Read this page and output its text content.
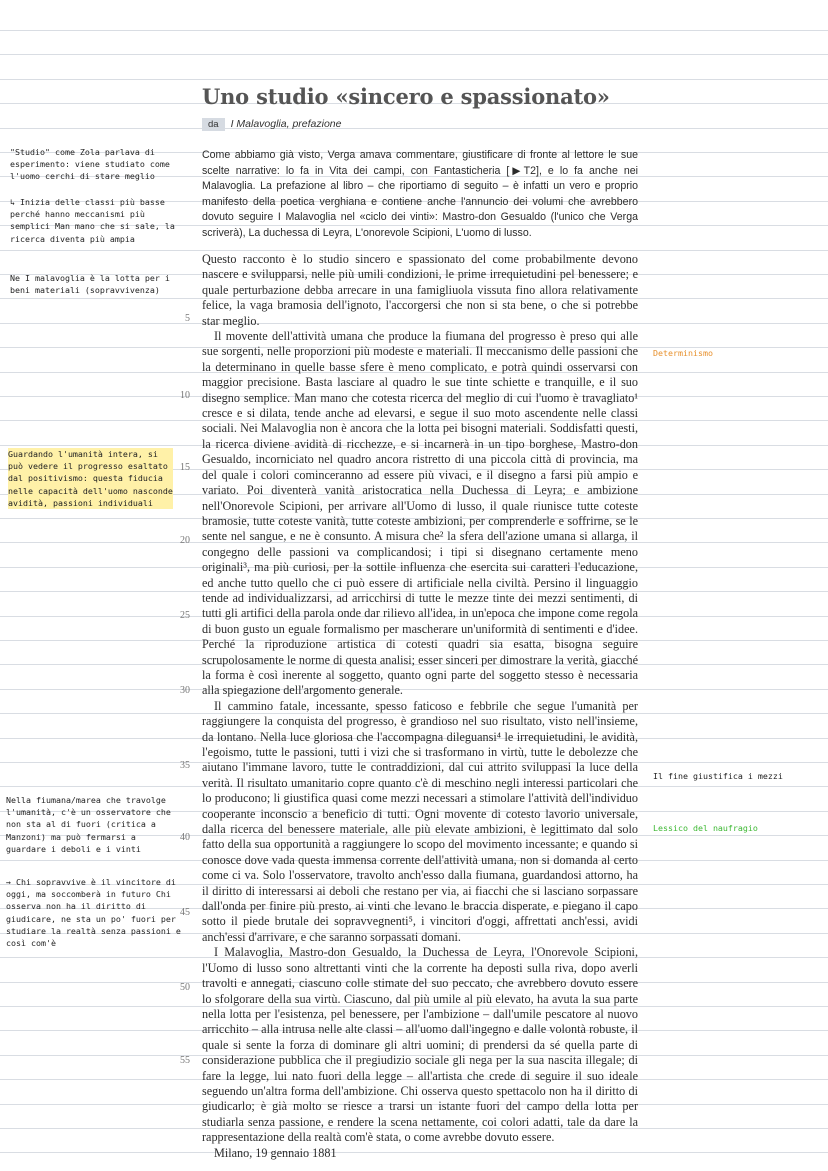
Uno studio «sincero e spassionato»
da I Malavoglia, prefazione

Come abbiamo già visto, Verga amava commentare, giustificare di fronte al lettore le sue scelte narrative: lo fa in Vita dei campi, con Fantasticheria [▶T2], e lo fa anche nei Malavoglia. La prefazione al libro – che riportiamo di seguito – è infatti un vero e proprio manifesto della poetica verghiana e contiene anche l'annuncio dei volumi che avrebbero dovuto seguire I Malavoglia nel «ciclo dei vinti»: Mastro-don Gesualdo (l'unico che Verga scriverà), La duchessa di Leyra, L'onorevole Scipioni, L'uomo di lusso.

Questo racconto è lo studio sincero e spassionato del come probabilmente devono nascere e svilupparsi, nelle più umili condizioni, le prime irrequietudini pel benessere; e quale perturbazione debba arrecare in una famigliuola vissuta fino allora relativamente felice, la vaga bramosia dell'ignoto, l'accorgersi che non si sta bene, o che si potrebbe star meglio.

Il movente dell'attività umana che produce la fiumana del progresso è preso qui alle sue sorgenti, nelle proporzioni più modeste e materiali. Il meccanismo delle passioni che la determinano in quelle basse sfere è meno complicato, e potrà quindi osservarsi con maggior precisione. Basta lasciare al quadro le sue tinte schiette e tranquille, e il suo disegno semplice. Man mano che cotesta ricerca del meglio di cui l'uomo è travagliato¹ cresce e si dilata, tende anche ad elevarsi, e segue il suo moto ascendente nelle classi sociali. Nei Malavoglia non è ancora che la lotta pei bisogni materiali. Soddisfatti questi, la ricerca diviene avidità di ricchezze, e si incarnerà in un tipo borghese, Mastro-don Gesualdo, incorniciato nel quadro ancora ristretto di una piccola città di provincia, ma del quale i colori cominceranno ad essere più vivaci, e il disegno a farsi più ampio e variato. Poi diventerà vanità aristocratica nella Duchessa di Leyra; e ambizione nell'Onorevole Scipioni, per arrivare all'Uomo di lusso, il quale riunisce tutte coteste bramosie, tutte coteste vanità, tutte coteste ambizioni, per comprenderle e soffrirne, se le sente nel sangue, e ne è consunto. A misura che² la sfera dell'azione umana si allarga, il congegno delle passioni va complicandosi; i tipi si disegnano certamente meno originali³, ma più curiosi, per la sottile influenza che esercita sui caratteri l'educazione, ed anche tutto quello che ci può essere di artificiale nella civiltà. Persino il linguaggio tende ad individualizzarsi, ad arricchirsi di tutte le mezze tinte dei mezzi sentimenti, di tutti gli artifici della parola onde dar rilievo all'idea, in un'epoca che impone come regola di buon gusto un eguale formalismo per mascherare un'uniformità di sentimenti e d'idee. Perché la riproduzione artistica di cotesti quadri sia esatta, bisogna seguire scrupolosamente le norme di questa analisi; esser sinceri per dimostrare la verità, giacché la forma è così inerente al soggetto, quanto ogni parte del soggetto stesso è necessaria alla spiegazione dell'argomento generale.

Il cammino fatale, incessante, spesso faticoso e febbrile che segue l'umanità per raggiungere la conquista del progresso, è grandioso nel suo risultato, visto nell'insieme, da lontano. Nella luce gloriosa che l'accompagna dileguansi⁴ le irrequietudini, le avidità, l'egoismo, tutte le passioni, tutti i vizi che si trasformano in virtù, tutte le debolezze che aiutano l'immane lavoro, tutte le contraddizioni, dal cui attrito sviluppasi la luce della verità. Il risultato umanitario copre quanto c'è di meschino negli interessi particolari che lo producono; li giustifica quasi come mezzi necessari a stimolare l'attività dell'individuo cooperante inconscio a beneficio di tutti. Ogni movente di cotesto lavorio universale, dalla ricerca del benessere materiale, alle più elevate ambizioni, è legittimato dal solo fatto della sua opportunità a raggiungere lo scopo del movimento incessante; e quando si conosce dove vada questa immensa corrente dell'attività umana, non si domanda al certo come ci va. Solo l'osservatore, travolto anch'esso dalla fiumana, guardandosi attorno, ha il diritto di interessarsi ai deboli che restano per via, ai fiacchi che si lasciano sorpassare dall'onda per finire più presto, ai vinti che levano le braccia disperate, e piegano il capo sotto il piede brutale dei sopravvegnenti⁵, i vincitori d'oggi, affrettati anch'essi, avidi anch'essi d'arrivare, e che saranno sorpassati domani.

I Malavoglia, Mastro-don Gesualdo, la Duchessa de Leyra, l'Onorevole Scipioni, l'Uomo di lusso sono altrettanti vinti che la corrente ha deposti sulla riva, dopo averli travolti e annegati, ciascuno colle stimate del suo peccato, che avrebbero dovuto essere lo sfolgorare della sua virtù. Ciascuno, dal più umile al più elevato, ha avuta la sua parte nella lotta per l'esistenza, pel benessere, per l'ambizione – dall'umile pescatore al nuovo arricchito – alla intrusa nelle alte classi – all'uomo dall'ingegno e dalle volontà robuste, il quale si sente la forza di dominare gli altri uomini; di prendersi da sé quella parte di considerazione pubblica che il pregiudizio sociale gli nega per la sua nascita illegale; di fare la legge, lui nato fuori della legge – all'artista che crede di seguire il suo ideale seguendo un'altra forma dell'ambizione. Chi osserva questo spettacolo non ha il diritto di giudicarlo; è già molto se riesce a trarsi un istante fuori del campo della lotta per studiarla senza passione, e rendere la scena nettamente, coi colori adatti, tale da dare la rappresentazione della realtà com'è stata, o come avrebbe dovuto essere.

Milano, 19 gennaio 1881

5
10
15
20
25
30
35
40
45
50
55
"Studio" come Zola parlava di esperimento: viene studiato come l'uomo cerchi di stare meglio
↳ Inizia delle classi più basse perché hanno meccanismi più semplici Man mano che si sale, la ricerca diventa più ampia
Ne I malavoglia è la lotta per i beni materiali (sopravvivenza)
Guardando l'umanità intera, si può vedere il progresso esaltato dal positivismo: questa fiducia nelle capacità dell'uomo nasconde avidità, passioni individuali
Nella fiumana/marea che travolge l'umanità, c'è un osservatore che non sta al di fuori (critica a Manzoni) ma può fermarsi a guardare i deboli e i vinti
→ Chi sopravvive è il vincitore di oggi, ma soccomberà in futuro Chi osserva non ha il diritto di giudicare, ne sta un po' fuori per studiare la realtà senza passioni e così com'è
Determinismo
Il fine giustifica i mezzi
Lessico del naufragio
